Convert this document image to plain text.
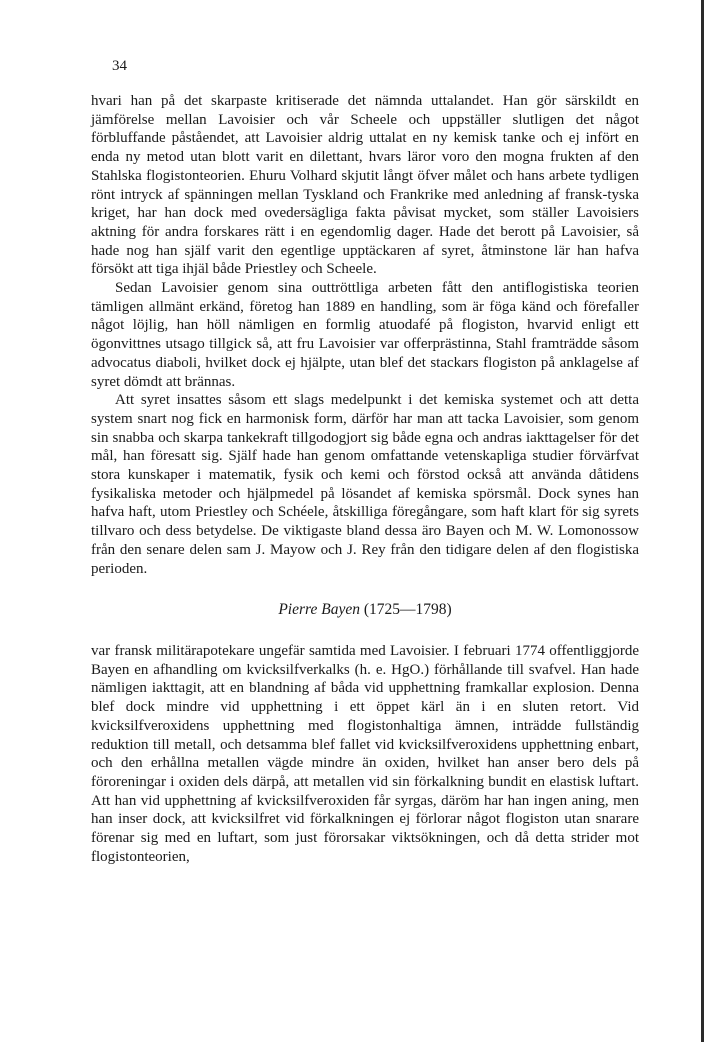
34

hvari han på det skarpaste kritiserade det nämnda uttalandet. Han gör särskildt en jämförelse mellan Lavoisier och vår Scheele och uppställer slutligen det något förbluffande påståendet, att Lavoisier aldrig uttalat en ny kemisk tanke och ej infört en enda ny metod utan blott varit en dilettant, hvars läror voro den mogna frukten af den Stahlska flogistonteorien. Ehuru Volhard skjutit långt öfver målet och hans arbete tydligen rönt intryck af spänningen mellan Tyskland och Frankrike med anledning af fransk-tyska kriget, har han dock med ovedersägliga fakta påvisat mycket, som ställer Lavoisiers aktning för andra forskares rätt i en egendomlig dager. Hade det berott på Lavoisier, så hade nog han själf varit den egentlige upptäckaren af syret, åtminstone lär han hafva försökt att tiga ihjäl både Priestley och Scheele.

Sedan Lavoisier genom sina outtröttliga arbeten fått den antiflogistiska teorien tämligen allmänt erkänd, företog han 1889 en handling, som är föga känd och förefaller något löjlig, han höll nämligen en formlig atuodafé på flogiston, hvarvid enligt ett ögonvittnes utsago tillgick så, att fru Lavoisier var offerprästinna, Stahl framträdde såsom advocatus diaboli, hvilket dock ej hjälpte, utan blef det stackars flogiston på anklagelse af syret dömdt att brännas.

Att syret insattes såsom ett slags medelpunkt i det kemiska systemet och att detta system snart nog fick en harmonisk form, därför har man att tacka Lavoisier, som genom sin snabba och skarpa tankekraft tillgodogjort sig både egna och andras iakttagelser för det mål, han föresatt sig. Själf hade han genom omfattande vetenskapliga studier förvärfvat stora kunskaper i matematik, fysik och kemi och förstod också att använda dåtidens fysikaliska metoder och hjälpmedel på lösandet af kemiska spörsmål. Dock synes han hafva haft, utom Priestley och Schéele, åtskilliga föregångare, som haft klart för sig syrets tillvaro och dess betydelse. De viktigaste bland dessa äro Bayen och M. W. Lomonossow från den senare delen sam J. Mayow och J. Rey från den tidigare delen af den flogistiska perioden.

Pierre Bayen (1725—1798)

var fransk militärapotekare ungefär samtida med Lavoisier. I februari 1774 offentliggjorde Bayen en afhandling om kvicksilfverkalks (h. e. HgO.) förhållande till svafvel. Han hade nämligen iakttagit, att en blandning af båda vid upphettning framkallar explosion. Denna blef dock mindre vid upphettning i ett öppet kärl än i en sluten retort. Vid kvicksilfveroxidens upphettning med flogistonhaltiga ämnen, inträdde fullständig reduktion till metall, och detsamma blef fallet vid kvicksilfveroxidens upphettning enbart, och den erhållna metallen vägde mindre än oxiden, hvilket han anser bero dels på föroreningar i oxiden dels därpå, att metallen vid sin förkalkning bundit en elastisk luftart. Att han vid upphettning af kvicksilfveroxiden får syrgas, däröm har han ingen aning, men han inser dock, att kvicksilfret vid förkalkningen ej förlorar något flogiston utan snarare förenar sig med en luftart, som just förorsakar viktsökningen, och då detta strider mot flogistonteorien,
